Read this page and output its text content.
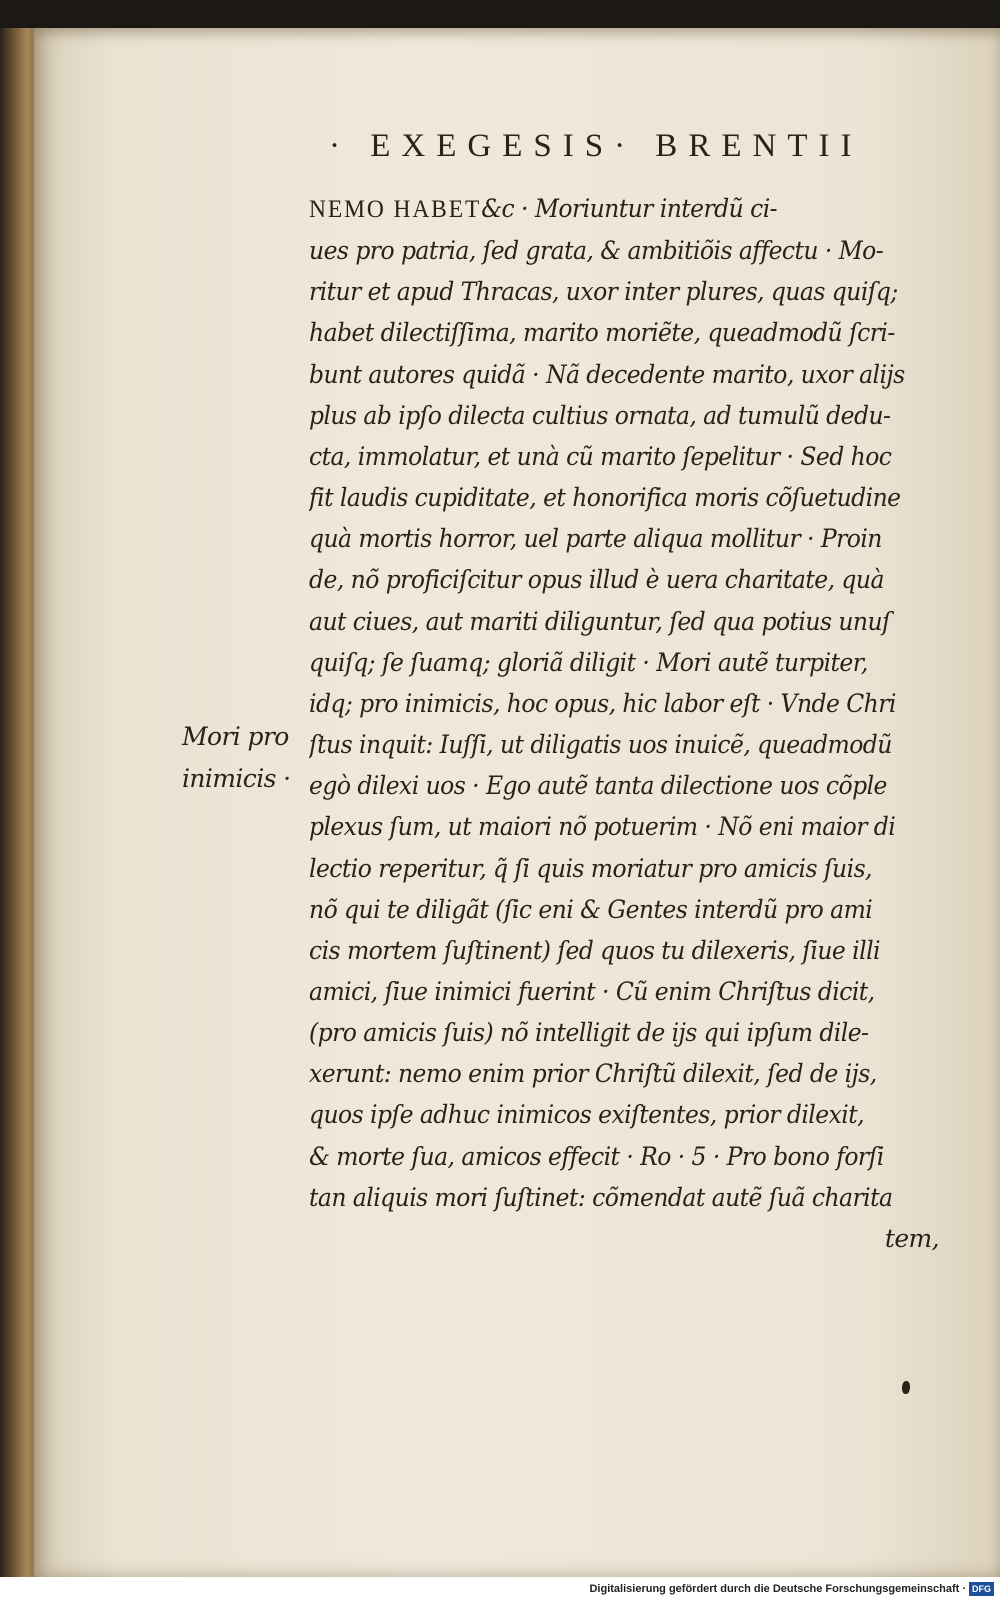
· EXEGESIS· BRENTII
Mori pro
inimicis ·
NEMO HABET&c · Moriuntur interdũ ci-
ues pro patria, ſed grata, & ambitiõis affectu · Mo-
ritur et apud Thracas, uxor inter plures, quas quiſq;
habet dilectiſſima, marito moriẽte, queadmodũ ſcri-
bunt autores quidã · Nã decedente marito, uxor alijs
plus ab ipſo dilecta cultius ornata, ad tumulũ dedu-
cta, immolatur, et unà cũ marito ſepelitur · Sed hoc
fit laudis cupiditate, et honorifica moris cõſuetudine
quà mortis horror, uel parte aliqua mollitur · Proin
de, nõ proficiſcitur opus illud è uera charitate, quà
aut ciues, aut mariti diliguntur, ſed qua potius unuſ
quiſq; ſe ſuamq; gloriã diligit · Mori autẽ turpiter,
idq; pro inimicis, hoc opus, hic labor eſt · Vnde Chri
ſtus inquit: Iuſſi, ut diligatis uos inuicẽ, queadmodũ
egò dilexi uos · Ego autẽ tanta dilectione uos cõple
plexus ſum, ut maiori nõ potuerim · Nõ eni maior di
lectio reperitur, q̃ ſi quis moriatur pro amicis ſuis,
nõ qui te diligãt (ſic eni & Gentes interdũ pro ami
cis mortem ſuſtinent) ſed quos tu dilexeris, ſiue illi
amici, ſiue inimici fuerint · Cũ enim Chriſtus dicit,
(pro amicis ſuis) nõ intelligit de ijs qui ipſum dile-
xerunt: nemo enim prior Chriſtũ dilexit, ſed de ijs,
quos ipſe adhuc inimicos exiſtentes, prior dilexit,
& morte ſua, amicos effecit · Ro · 5 · Pro bono forſi
tan aliquis mori ſuſtinet: cõmendat autẽ ſuã charita
tem,
Digitalisierung gefördert durch die Deutsche Forschungsgemeinschaft · DFG
